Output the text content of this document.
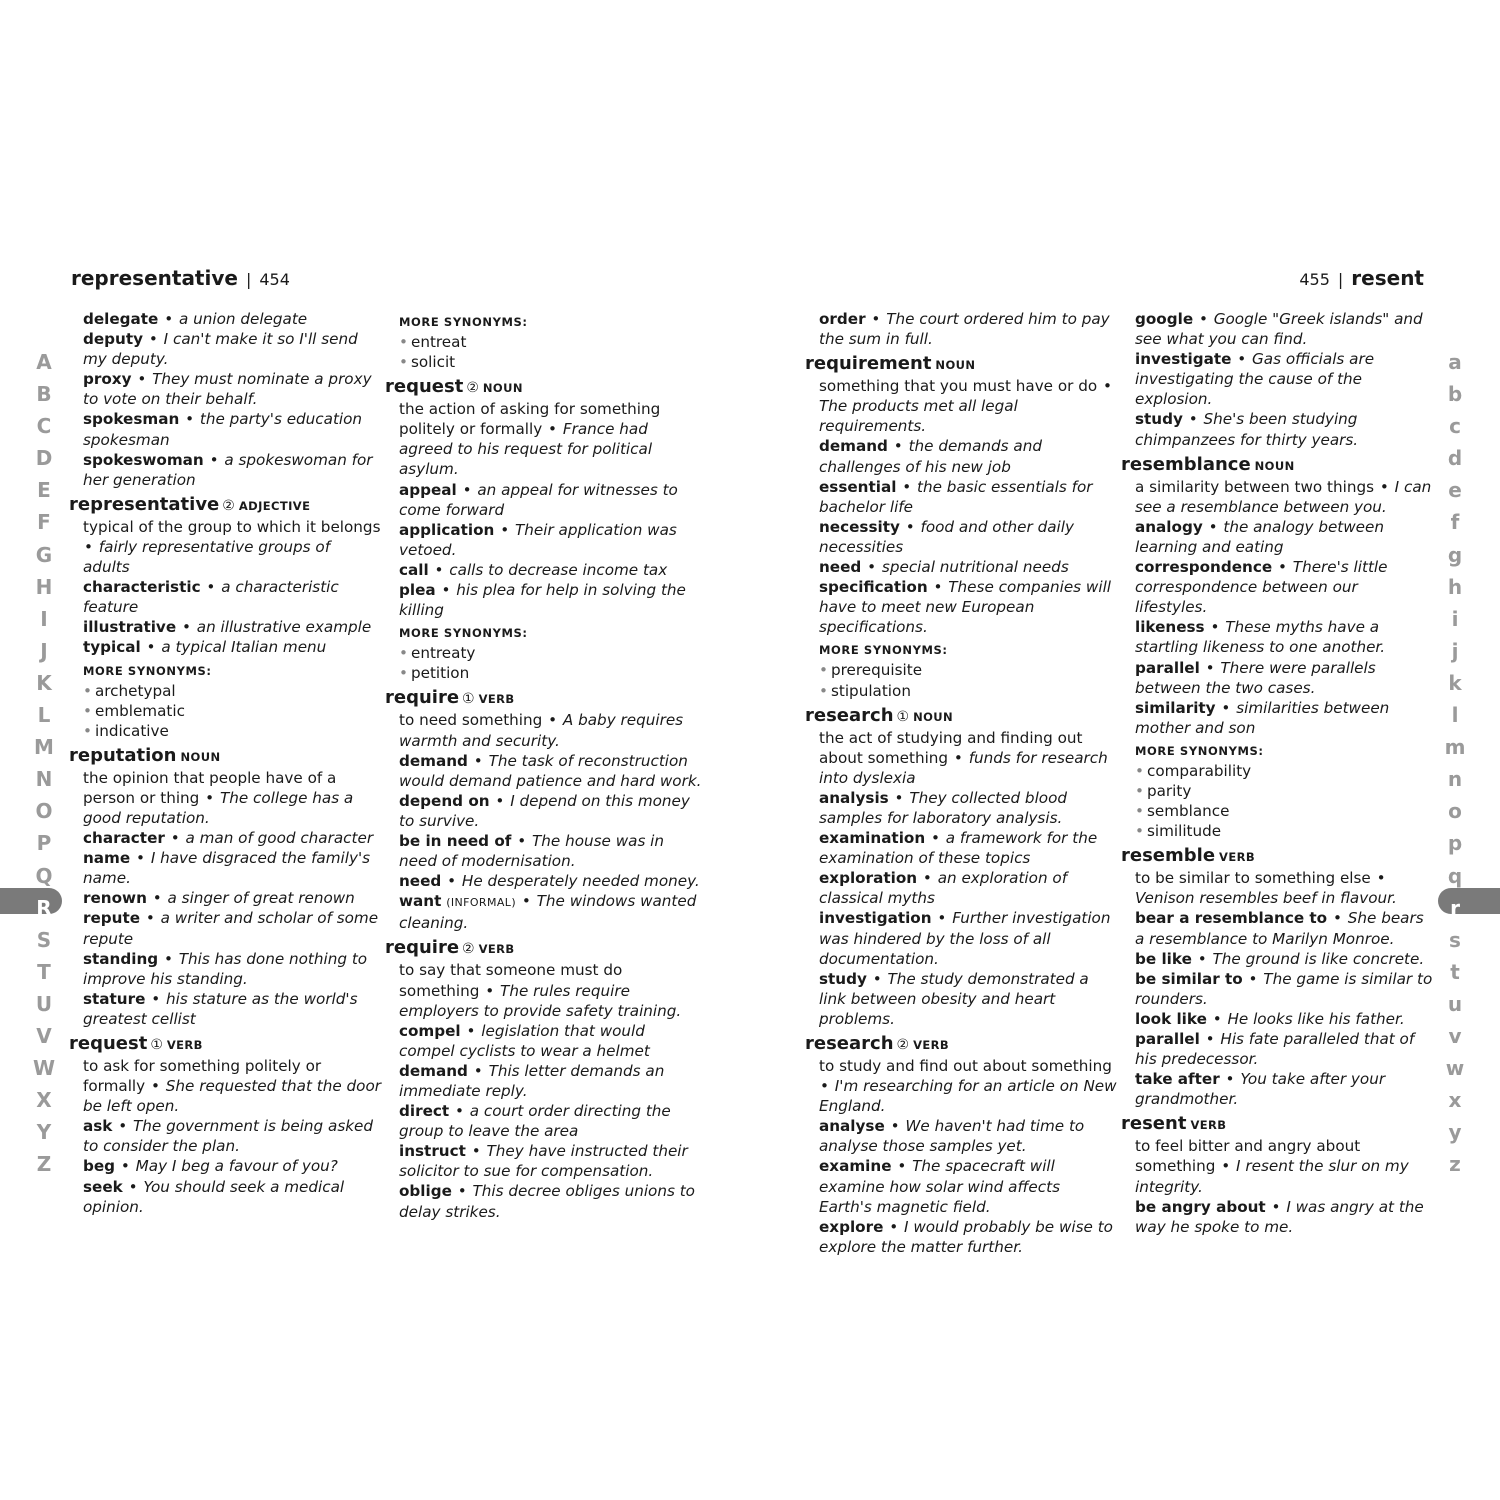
representative | 454	455 | resent
A
B
C
D
E
F
G
H
I
J
K
L
M
N
O
P
Q
R
S
T
U
V
W
X
Y
Z
a
b
c
d
e
f
g
h
i
j
k
l
m
n
o
p
q
r
s
t
u
v
w
x
y
z
delegate • a union delegate
deputy • I can't make it so I'll send my deputy.
proxy • They must nominate a proxy to vote on their behalf.
spokesman • the party's education spokesman
spokeswoman • a spokeswoman for her generation
representative ② ADJECTIVE
typical of the group to which it belongs • fairly representative groups of adults
characteristic • a characteristic feature
illustrative • an illustrative example
typical • a typical Italian menu
MORE SYNONYMS:
• archetypal
• emblematic
• indicative
reputation NOUN
the opinion that people have of a person or thing • The college has a good reputation.
character • a man of good character
name • I have disgraced the family's name.
renown • a singer of great renown
repute • a writer and scholar of some repute
standing • This has done nothing to improve his standing.
stature • his stature as the world's greatest cellist
request ① VERB
to ask for something politely or formally • She requested that the door be left open.
ask • The government is being asked to consider the plan.
beg • May I beg a favour of you?
seek • You should seek a medical opinion.
MORE SYNONYMS:
• entreat
• solicit
request ② NOUN
the action of asking for something politely or formally • France had agreed to his request for political asylum.
appeal • an appeal for witnesses to come forward
application • Their application was vetoed.
call • calls to decrease income tax
plea • his plea for help in solving the killing
MORE SYNONYMS:
• entreaty
• petition
require ① VERB
to need something • A baby requires warmth and security.
demand • The task of reconstruction would demand patience and hard work.
depend on • I depend on this money to survive.
be in need of • The house was in need of modernisation.
need • He desperately needed money.
want (INFORMAL) • The windows wanted cleaning.
require ② VERB
to say that someone must do something • The rules require employers to provide safety training.
compel • legislation that would compel cyclists to wear a helmet
demand • This letter demands an immediate reply.
direct • a court order directing the group to leave the area
instruct • They have instructed their solicitor to sue for compensation.
oblige • This decree obliges unions to delay strikes.
order • The court ordered him to pay the sum in full.
requirement NOUN
something that you must have or do • The products met all legal requirements.
demand • the demands and challenges of his new job
essential • the basic essentials for bachelor life
necessity • food and other daily necessities
need • special nutritional needs
specification • These companies will have to meet new European specifications.
MORE SYNONYMS:
• prerequisite
• stipulation
research ① NOUN
the act of studying and finding out about something • funds for research into dyslexia
analysis • They collected blood samples for laboratory analysis.
examination • a framework for the examination of these topics
exploration • an exploration of classical myths
investigation • Further investigation was hindered by the loss of all documentation.
study • The study demonstrated a link between obesity and heart problems.
research ② VERB
to study and find out about something • I'm researching for an article on New England.
analyse • We haven't had time to analyse those samples yet.
examine • The spacecraft will examine how solar wind affects Earth's magnetic field.
explore • I would probably be wise to explore the matter further.
google • Google "Greek islands" and see what you can find.
investigate • Gas officials are investigating the cause of the explosion.
study • She's been studying chimpanzees for thirty years.
resemblance NOUN
a similarity between two things • I can see a resemblance between you.
analogy • the analogy between learning and eating
correspondence • There's little correspondence between our lifestyles.
likeness • These myths have a startling likeness to one another.
parallel • There were parallels between the two cases.
similarity • similarities between mother and son
MORE SYNONYMS:
• comparability
• parity
• semblance
• similitude
resemble VERB
to be similar to something else • Venison resembles beef in flavour.
bear a resemblance to • She bears a resemblance to Marilyn Monroe.
be like • The ground is like concrete.
be similar to • The game is similar to rounders.
look like • He looks like his father.
parallel • His fate paralleled that of his predecessor.
take after • You take after your grandmother.
resent VERB
to feel bitter and angry about something • I resent the slur on my integrity.
be angry about • I was angry at the way he spoke to me.
